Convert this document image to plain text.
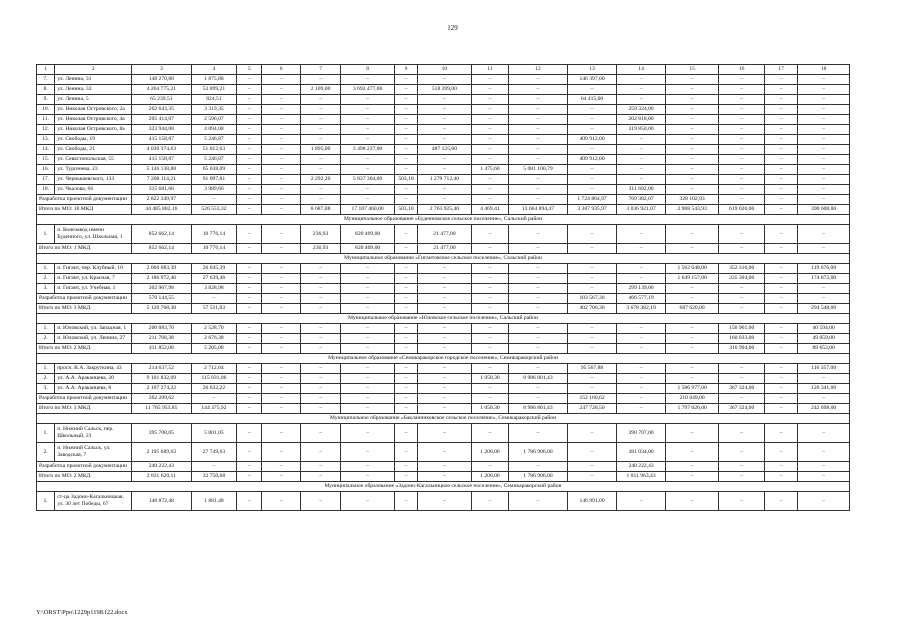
129
1	2	3	4	5	6	7	8	9	10	11	12	13	14	15	16	17	18
7.	ул. Ленина, 31	148 270,88	1 875,88	–	–	–	–	–	–	–	–	146 397,00	–	–	–	–	–
8.	ул. Ленина, 33	4 264 775,21	53 899,21	–	–	2 109,00	3 692 477,00	–	518 399,00	–	–	–	–	–	–	–	–
9.	ул. Ленина, 5	65 239,51	824,51	–	–	–	–	–	–	–	–	64 415,00	–	–	–	–	–
10.	ул. Николая Островского, 2а	262 643,35	3 319,35	–	–	–	–	–	–	–	–	–	259 324,00	–	–	–	–
11.	ул. Николая Островского, 4а	205 414,07	2 596,07	–	–	–	–	–	–	–	–	–	202 818,00	–	–	–	–
12.	ул. Николая Островского, 8а	323 944,08	4 094,08	–	–	–	–	–	–	–	–	–	319 850,00	–	–	–	–
13.	ул. Свободы, 19	415 158,87	5 246,87	–	–	–	–	–	–	–	–	409 912,00	–	–	–	–	–
14.	ул. Свободы, 21	4 036 374,63	51 012,63	–	–	1 895,00	3 498 237,00	–	487 125,00	–	–	–	–	–	–	–	–
15.	ул. Севастопольская, 55	415 158,87	5 246,87	–	–	–	–	–	–	–	–	409 912,00	–	–	–	–	–
16.	ул. Тургенева, 23	5 146 138,88	65 038,09	–	–	–	–	–	–	1 475,60	5 081 100,79	–	–	–	–	–	–
17.	ул. Чернышевского, 133	7 208 114,21	91 097,81	–	–	2 292,20	5 837 304,00	503,10	1 279 712,40	–	–	–	–	–	–	–	–
18.	ул. Чкалова, 66	315 681,66	3 989,66	–	–	–	–	–	–	–	–	–	311 692,00	–	–	–	–
Разработка проектной документации		2 822 349,97	–	–	–	–	–	–	–	–	–	1 724 864,97	769 382,07	328 102,93	–	–	–
Итого по МО: 18 МКД		44 485 882,16	526 553,32	–	–	8 687,88	17 187 460,00	503,10	2 763 925,40	4 469,41	13 664 894,47	3 387 935,97	3 036 921,07	2 908 543,93	619 020,00	–	390 608,00
Муниципальное образование «Буденновское сельское поселение», Сальский район																	
1.	п. Конезавод имени Буденного, ул. Школьная, 1	852 662,14	10 776,14	–	–	236,93	820 409,00	–	21 477,00	–	–	–	–	–	–	–	–
Итого по МО: 1 МКД		852 662,14	10 776,14	–	–	236,93	820 409,00	–	21 477,00	–	–	–	–	–	–	–	–
Муниципальное образование «Гигантовское сельское поселение», Сальский район																	
1.	п. Гигант, пер. Клубный, 10	2 060 683,39	26 045,39	–	–	–	–	–	–	–	–	–	–	1 562 648,00	352 316,00	–	119 676,00
2.	п. Гигант, ул. Красная, 7	2 186 972,46	27 639,46	–	–	–	–	–	–	–	–	–	–	1 649 157,00	335 304,00	–	174 872,00
3.	п. Гигант, ул. Учебная, 1	302 967,98	3 828,98	–	–	–	–	–	–	–	–	–	299 139,00	–	–	–	–
Разработка проектной документации		570 144,55	–	–	–	–	–	–	–	–	–	103 567,36	466 577,19	–	–	–	–
Итого по МО: 3 МКД		5 120 768,38	57 511,83	–	–	–	–	–	–	–	–	402 706,36	3 678 382,19	687 620,00	–	–	294 548,00
Муниципальное образование «Юловское сельское поселение», Сальский район																	
1.	п. Юловский, ул. Западная, 1	200 083,70	2 528,70	–	–	–	–	–	–	–	–	–	–	–	156 961,00	–	40 594,00
2.	п. Юловский, ул. Ленина, 27	211 768,38	2 676,38	–	–	–	–	–	–	–	–	–	–	–	160 033,00	–	49 059,00
Итого по МО: 2 МКД		411 852,08	5 205,08	–	–	–	–	–	–	–	–	–	–	–	316 994,00	–	89 653,00
Муниципальное образование «Семикаракорское городское поселение», Семикаракорский район																	
1.	просп. В.А. Закруткина, 43	214 637,52	2 712,64	–	–	–	–	–	–	–	–	95 567,88	–	–	–	–	116 357,00
2.	ул. А.А. Араканцева, 20	9 101 832,09	115 031,06	–	–	–	–	–	–	1 050,30	8 986 801,43	–	–	–	–	–	–
3.	ул. А.А. Араканцева, 8	2 107 274,22	26 632,22	–	–	–	–	–	–	–	–	–	–	1 586 977,00	367 324,00	–	126 341,00
Разработка проектной документации		362 209,62	–	–	–	–	–	–	–	–	–	152 160,62	–	210 049,00	–	–	–
Итого по МО: 3 МКД		11 785 953,85	144 375,92	–	–	–	–	–	–	1 050,30	8 986 801,43	247 728,50	–	1 797 026,00	367 324,00	–	242 698,00
Муниципальное образование «Бакланниковское сельское поселение», Семикаракорский район																	
1.	п. Нижний Сальск, пер. Школьный, 23	395 708,05	5 001,05	–	–	–	–	–	–	–	–	–	390 707,00	–	–	–	–
2.	п. Нижний Сальск, ул. Заводская, 7	2 195 689,63	27 749,63	–	–	–	–	–	–	1 200,00	1 786 906,00	–	381 034,00	–	–	–	–
Разработка проектной документации		240 222,43	–	–	–	–	–	–	–	–	–	–	240 222,43	–	–	–	–
Итого по МО: 2 МКД		2 831 620,11	32 750,68	–	–	–	–	–	–	1 200,00	1 786 906,00	–	1 011 963,43	–	–	–	–
Муниципальное образование «Задоно-Кагальницкое сельское поселение», Семикаракорский район																	
1.	ст-ца Задоно-Кагальницкая, ул. 30 лет Победы, 67	148 872,48	1 881,48	–	–	–	–	–	–	–	–	146 991,00	–	–	–	–	–
Y:\ORST\Ppo\1229p1198.f22.docx
